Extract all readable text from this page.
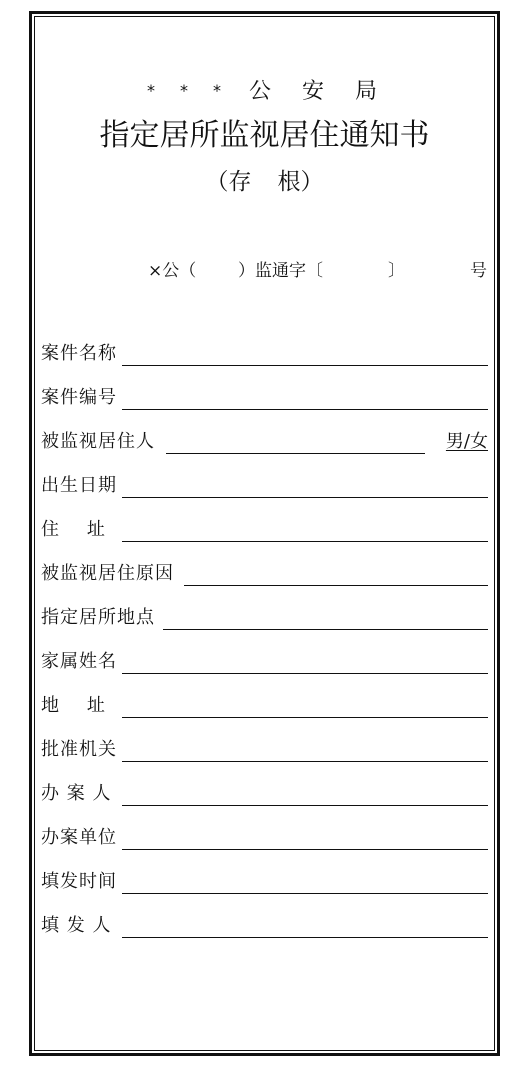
* * * 公 安 局
指定居所监视居住通知书
（存 根）
×公（ ）监通字〔	〕	号
案件名称
案件编号
被监视居住人	男/女
出生日期
住    址
被监视居住原因
指定居所地点
家属姓名
地    址
批准机关
办 案 人
办案单位
填发时间
填 发 人
